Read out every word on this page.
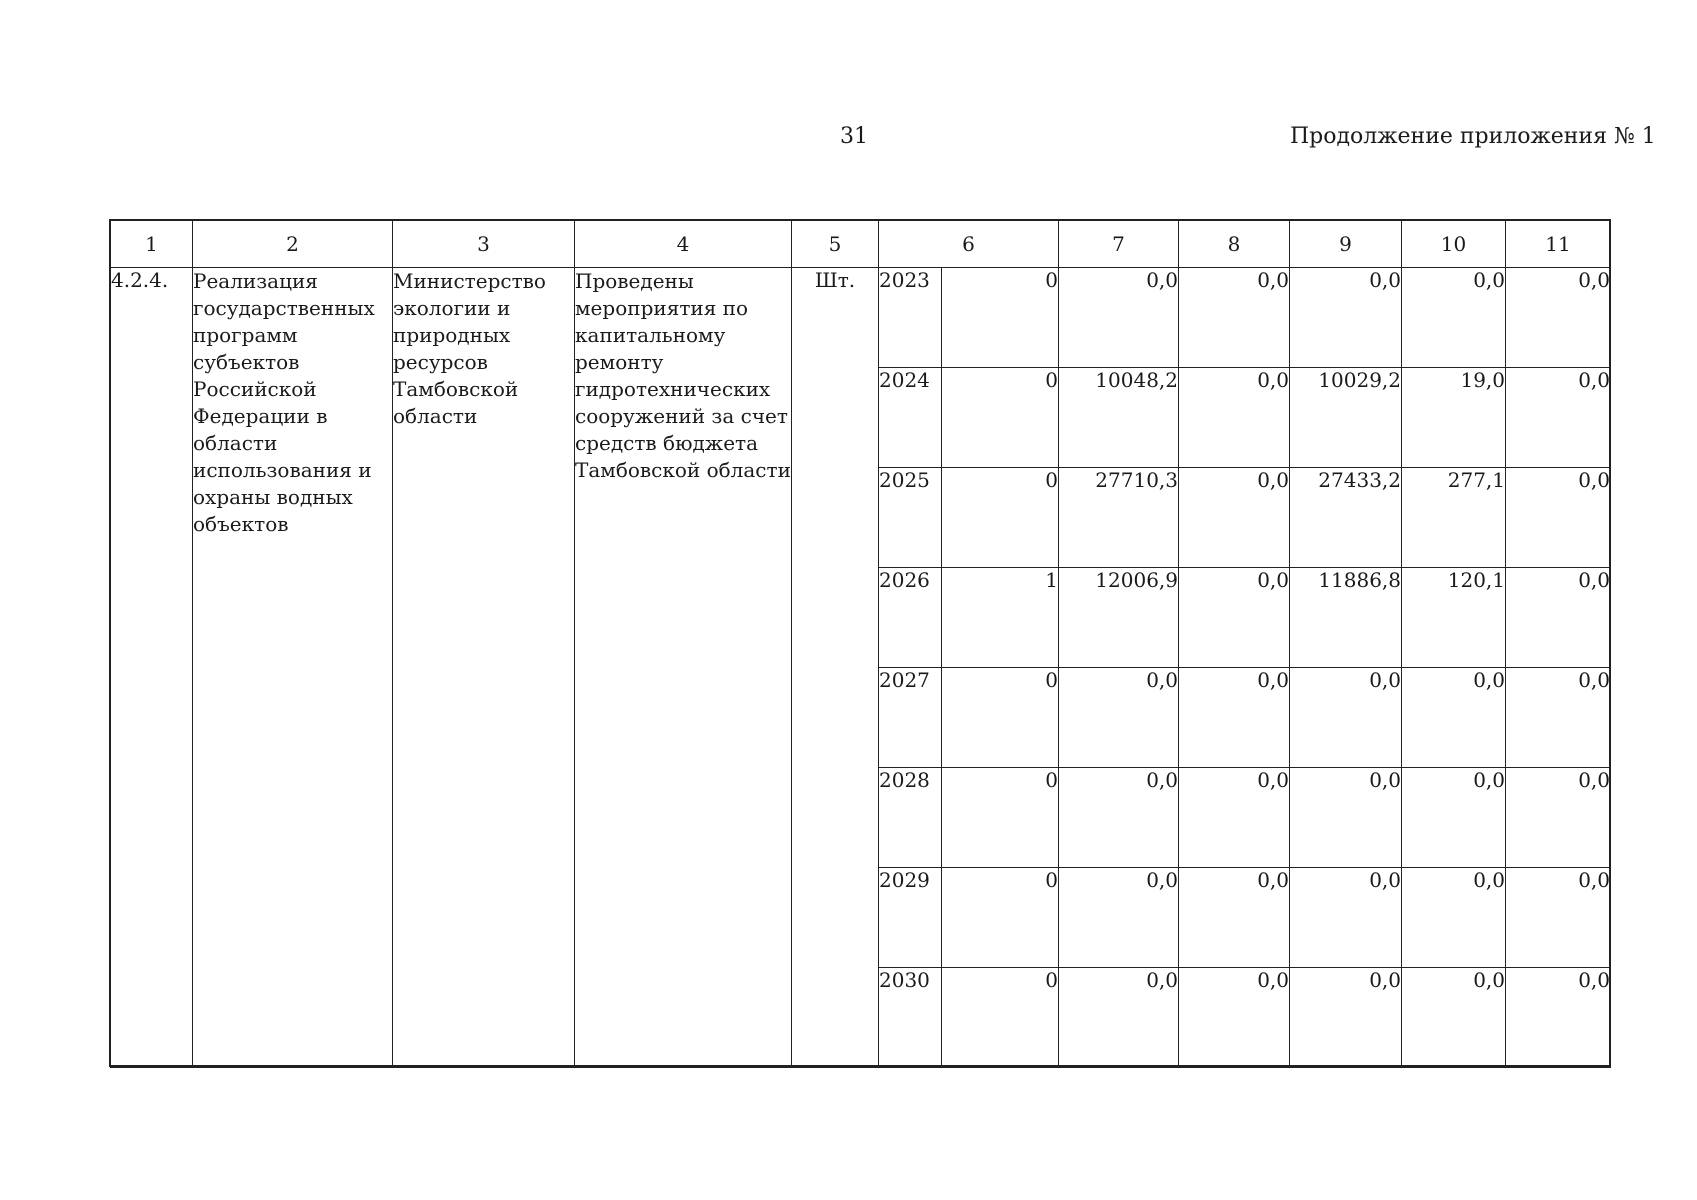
31	Продолжение приложения № 1
1	2	3	4	5	6		7	8	9	10	11
4.2.4.	Реализация государственных программ субъектов Российской Федерации в области использования и охраны водных объектов	Министерство экологии и природных ресурсов Тамбовской области	Проведены мероприятия по капитальному ремонту гидротехнических сооружений за счет средств бюджета Тамбовской области	Шт.	2023	0	0,0	0,0	0,0	0,0	0,0
					2024	0	10048,2	0,0	10029,2	19,0	0,0
					2025	0	27710,3	0,0	27433,2	277,1	0,0
					2026	1	12006,9	0,0	11886,8	120,1	0,0
					2027	0	0,0	0,0	0,0	0,0	0,0
					2028	0	0,0	0,0	0,0	0,0	0,0
					2029	0	0,0	0,0	0,0	0,0	0,0
					2030	0	0,0	0,0	0,0	0,0	0,0
